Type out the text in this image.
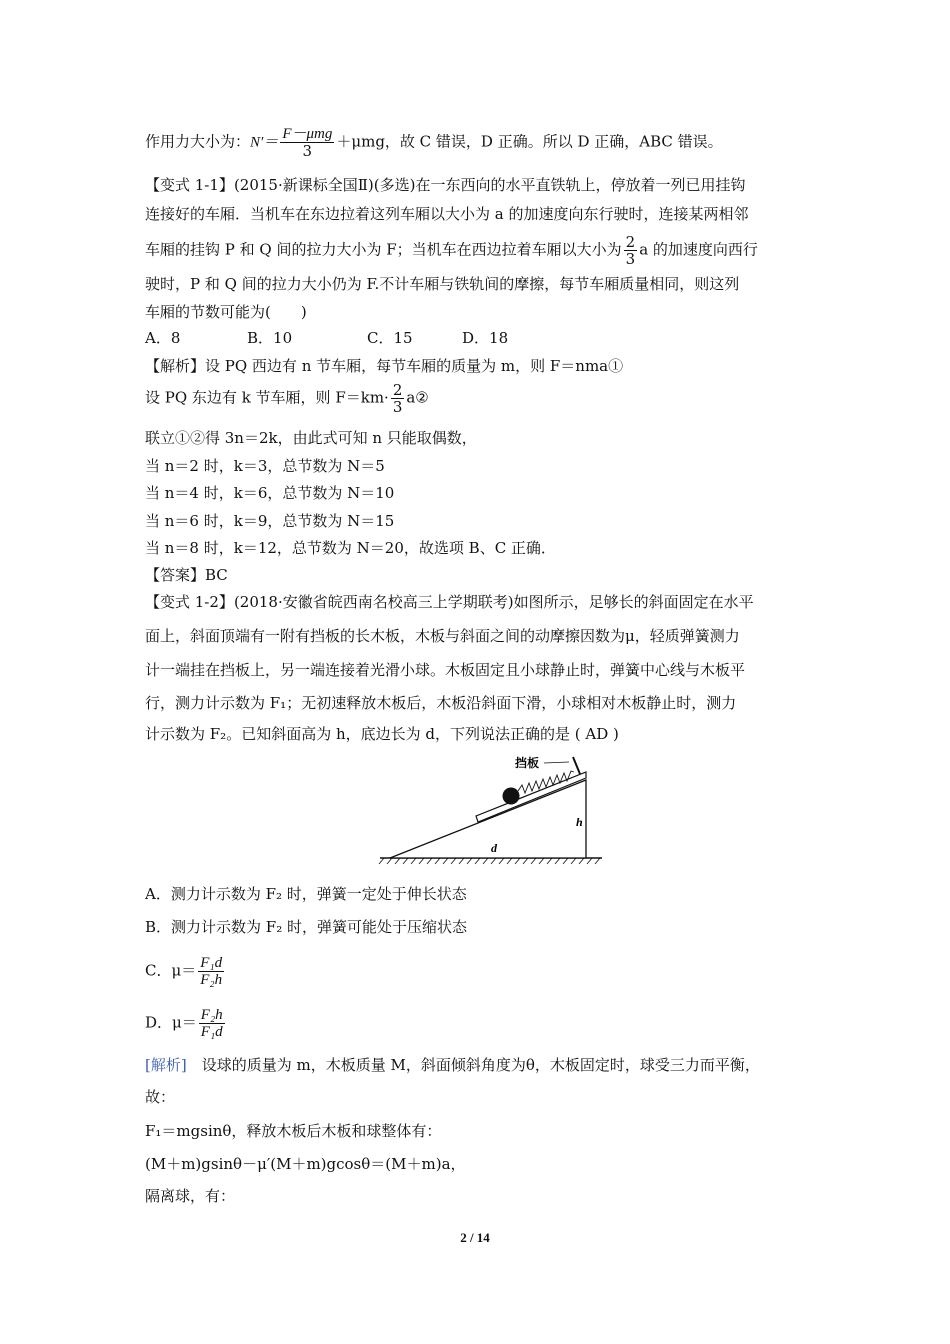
作用力大小为：$N'= \frac{\text{F－μmg}}{3} +\mu mg$，故 C 错误，D 正确。所以 D 正确，ABC 错误。
【变式 1-1】(2015·新课标全国Ⅱ)(多选)在一东西向的水平直铁轨上，停放着一列已用挂钩
连接好的车厢．当机车在东边拉着这列车厢以大小为 a 的加速度向东行驶时，连接某两相邻
车厢的挂钩 P 和 Q 间的拉力大小为 F；当机车在西边拉着车厢以大小为 $\frac{2}{3}$ a 的加速度向西行
驶时，P 和 Q 间的拉力大小仍为 F.不计车厢与铁轨间的摩擦，每节车厢质量相同，则这列
车厢的节数可能为(　　)
A．8	B．10	C．15	D．18
【解析】设 PQ 西边有 n 节车厢，每节车厢的质量为 m，则 F＝nma①
设 PQ 东边有 k 节车厢，则 $F=km\cdot \frac{2}{3}$ a②
联立①②得 3n＝2k，由此式可知 n 只能取偶数，
当 n＝2 时，k＝3，总节数为 N＝5
当 n＝4 时，k＝6，总节数为 N＝10
当 n＝6 时，k＝9，总节数为 N＝15
当 n＝8 时，k＝12，总节数为 N＝20，故选项 B、C 正确．
【答案】BC
【变式 1-2】(2018·安徽省皖西南名校高三上学期联考)如图所示，足够长的斜面固定在水平
面上，斜面顶端有一附有挡板的长木板，木板与斜面之间的动摩擦因数为μ，轻质弹簧测力
计一端挂在挡板上，另一端连接着光滑小球。木板固定且小球静止时，弹簧中心线与木板平
行，测力计示数为 F₁；无初速释放木板后，木板沿斜面下滑，小球相对木板静止时，测力
计示数为 F₂。已知斜面高为 h，底边长为 d，下列说法正确的是 ( AD )
挡板
h
d
A．测力计示数为 F₂ 时，弹簧一定处于伸长状态
B．测力计示数为 F₂ 时，弹簧可能处于压缩状态
C．$\mu= \frac{\text{F₁d}}{\text{F₂h}}$
D．$\mu= \frac{\text{F₂h}}{\text{F₁d}}$
[解析]　设球的质量为 m，木板质量 M，斜面倾斜角度为θ，木板固定时，球受三力而平衡，
故：
F₁＝mgsinθ，释放木板后木板和球整体有：
(M＋m)gsinθ－μ′(M＋m)gcosθ＝(M＋m)a，
隔离球，有：
2 / 14
